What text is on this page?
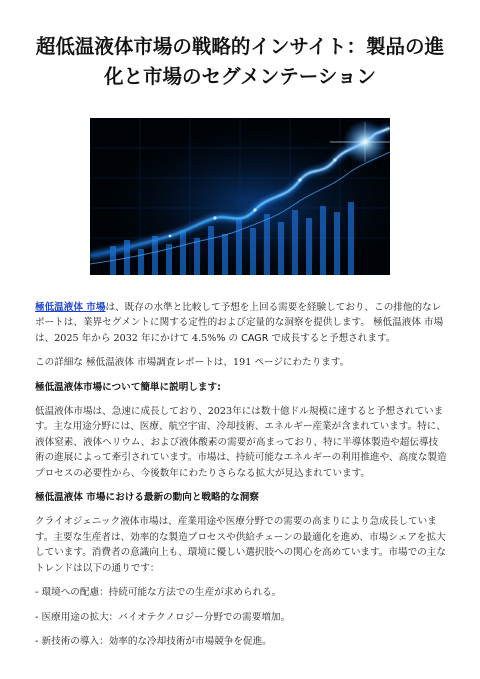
超低温液体市場の戦略的インサイト：製品の進化と市場のセグメンテーション

極低温液体 市場は、既存の水準と比較して予想を上回る需要を経験しており、この排他的なレポートは、業界セグメントに関する定性的および定量的な洞察を提供します。 極低温液体 市場は、2025 年から 2032 年にかけて 4.5%% の CAGR で成長すると予想されます。

この詳細な 極低温液体 市場調査レポートは、191 ページにわたります。

極低温液体市場について簡単に説明します:

低温液体市場は、急速に成長しており、2023年には数十億ドル規模に達すると予想されています。主な用途分野には、医療、航空宇宙、冷却技術、エネルギー産業が含まれています。特に、液体窒素、液体ヘリウム、および液体酸素の需要が高まっており、特に半導体製造や超伝導技術の進展によって牽引されています。市場は、持続可能なエネルギーの利用推進や、高度な製造プロセスの必要性から、今後数年にわたりさらなる拡大が見込まれています。

極低温液体 市場における最新の動向と戦略的な洞察

クライオジェニック液体市場は、産業用途や医療分野での需要の高まりにより急成長しています。主要な生産者は、効率的な製造プロセスや供給チェーンの最適化を進め、市場シェアを拡大しています。消費者の意識向上も、環境に優しい選択肢への関心を高めています。市場での主なトレンドは以下の通りです：

- 環境への配慮：持続可能な方法での生産が求められる。

- 医療用途の拡大：バイオテクノロジー分野での需要増加。

- 新技術の導入：効率的な冷却技術が市場競争を促進。
